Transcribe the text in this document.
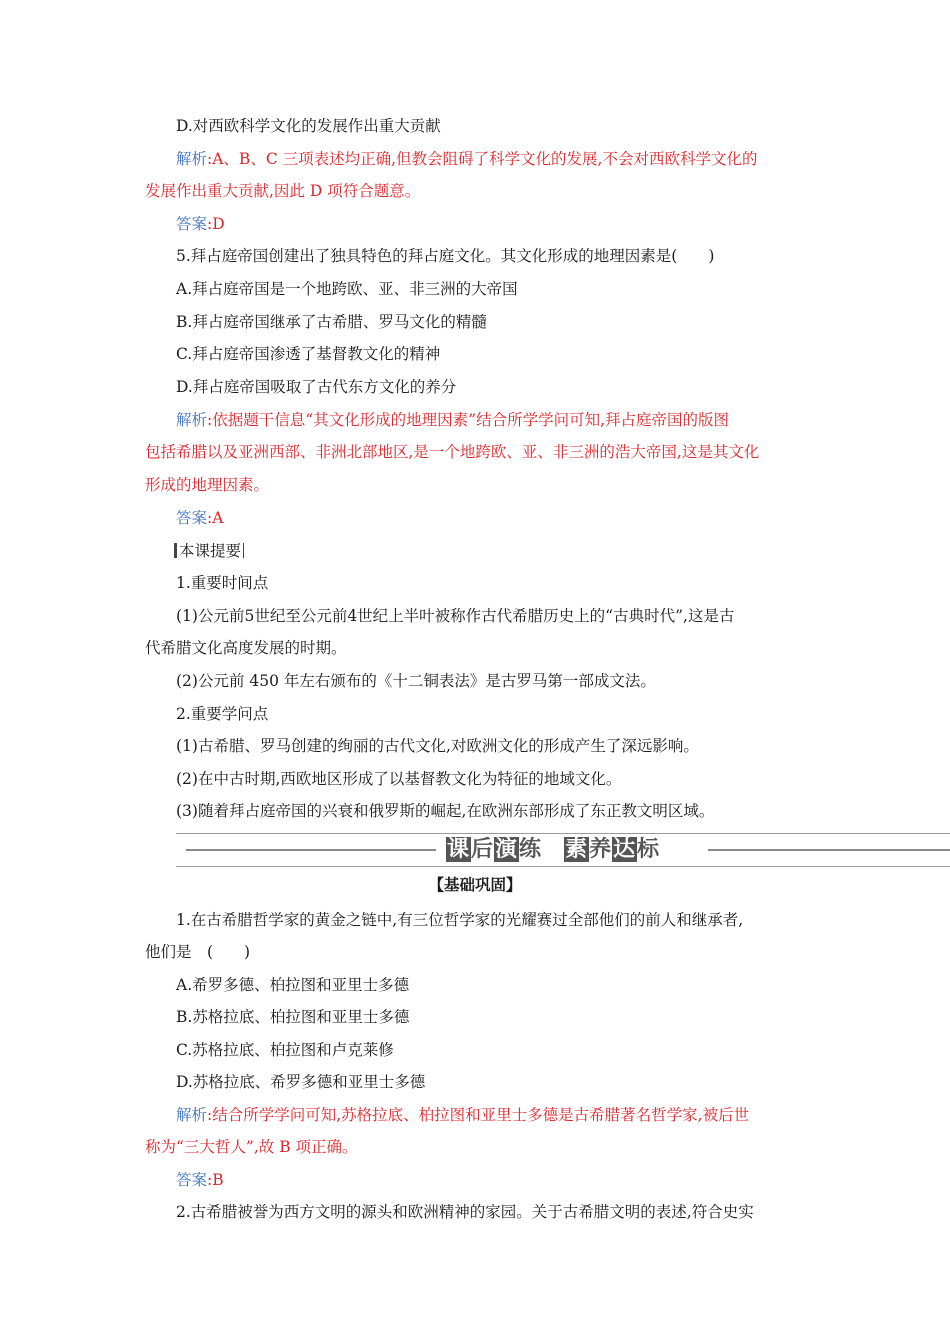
D.对西欧科学文化的发展作出重大贡献
解析:A、B、C 三项表述均正确,但教会阻碍了科学文化的发展,不会对西欧科学文化的
发展作出重大贡献,因此 D 项符合题意。
答案:D
5.拜占庭帝国创建出了独具特色的拜占庭文化。其文化形成的地理因素是(　　)
A.拜占庭帝国是一个地跨欧、亚、非三洲的大帝国
B.拜占庭帝国继承了古希腊、罗马文化的精髓
C.拜占庭帝国渗透了基督教文化的精神
D.拜占庭帝国吸取了古代东方文化的养分
解析:依据题干信息“其文化形成的地理因素”结合所学学问可知,拜占庭帝国的版图
包括希腊以及亚洲西部、非洲北部地区,是一个地跨欧、亚、非三洲的浩大帝国,这是其文化
形成的地理因素。
答案:A
本课提要
1.重要时间点
(1)公元前5世纪至公元前4世纪上半叶被称作古代希腊历史上的“古典时代”,这是古
代希腊文化高度发展的时期。
(2)公元前 450 年左右颁布的《十二铜表法》是古罗马第一部成文法。
2.重要学问点
(1)古希腊、罗马创建的绚丽的古代文化,对欧洲文化的形成产生了深远影响。
(2)在中古时期,西欧地区形成了以基督教文化为特征的地域文化。
(3)随着拜占庭帝国的兴衰和俄罗斯的崛起,在欧洲东部形成了东正教文明区域。
课后演练 素养达标
【基础巩固】
1.在古希腊哲学家的黄金之链中,有三位哲学家的光耀赛过全部他们的前人和继承者,
他们是　(　　)
A.希罗多德、柏拉图和亚里士多德
B.苏格拉底、柏拉图和亚里士多德
C.苏格拉底、柏拉图和卢克莱修
D.苏格拉底、希罗多德和亚里士多德
解析:结合所学学问可知,苏格拉底、柏拉图和亚里士多德是古希腊著名哲学家,被后世
称为“三大哲人”,故 B 项正确。
答案:B
2.古希腊被誉为西方文明的源头和欧洲精神的家园。关于古希腊文明的表述,符合史实
